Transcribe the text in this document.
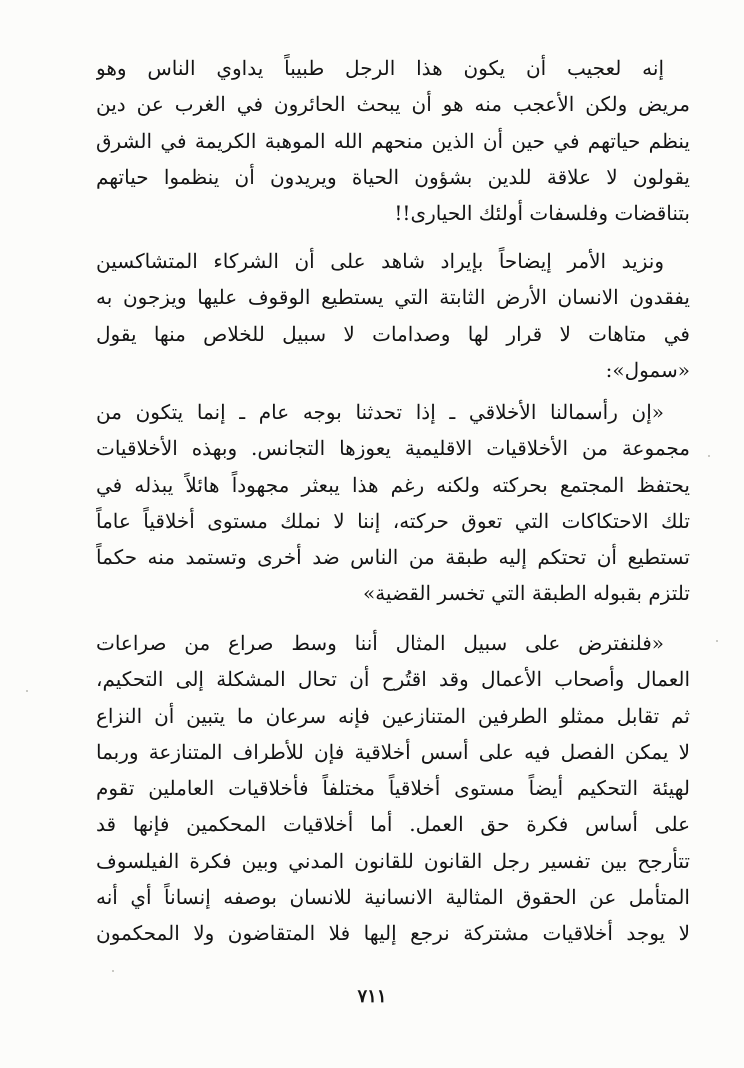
إنه لعجيب أن يكون هذا الرجل طبيباً يداوي الناس وهو
مريض ولكن الأعجب منه هو أن يبحث الحائرون في الغرب عن دين
ينظم حياتهم في حين أن الذين منحهم الله الموهبة الكريمة في الشرق
يقولون لا علاقة للدين بشؤون الحياة ويريدون أن ينظموا حياتهم
بتناقضات وفلسفات أولئك الحيارى!!
ونزيد الأمر إيضاحاً بإيراد شاهد على أن الشركاء المتشاكسين
يفقدون الانسان الأرض الثابتة التي يستطيع الوقوف عليها ويزجون به
في متاهات لا قرار لها وصدامات لا سبيل للخلاص منها يقول
«سمول»:
«إن رأسمالنا الأخلاقي ـ إذا تحدثنا بوجه عام ـ إنما يتكون من
مجموعة من الأخلاقيات الاقليمية يعوزها التجانس. وبهذه الأخلاقيات
يحتفظ المجتمع بحركته ولكنه رغم هذا يبعثر مجهوداً هائلاً يبذله في
تلك الاحتكاكات التي تعوق حركته، إننا لا نملك مستوى أخلاقياً عاماً
تستطيع أن تحتكم إليه طبقة من الناس ضد أخرى وتستمد منه حكماً
تلتزم بقبوله الطبقة التي تخسر القضية»
«فلنفترض على سبيل المثال أننا وسط صراع من صراعات
العمال وأصحاب الأعمال وقد اقتُرح أن تحال المشكلة إلى التحكيم،
ثم تقابل ممثلو الطرفين المتنازعين فإنه سرعان ما يتبين أن النزاع
لا يمكن الفصل فيه على أسس أخلاقية فإن للأطراف المتنازعة وربما
لهيئة التحكيم أيضاً مستوى أخلاقياً مختلفاً فأخلاقيات العاملين تقوم
على أساس فكرة حق العمل. أما أخلاقيات المحكمين فإنها قد
تتأرجح بين تفسير رجل القانون للقانون المدني وبين فكرة الفيلسوف
المتأمل عن الحقوق المثالية الانسانية للانسان بوصفه إنساناً أي أنه
لا يوجد أخلاقيات مشتركة نرجع إليها فلا المتقاضون ولا المحكمون
٧١١
